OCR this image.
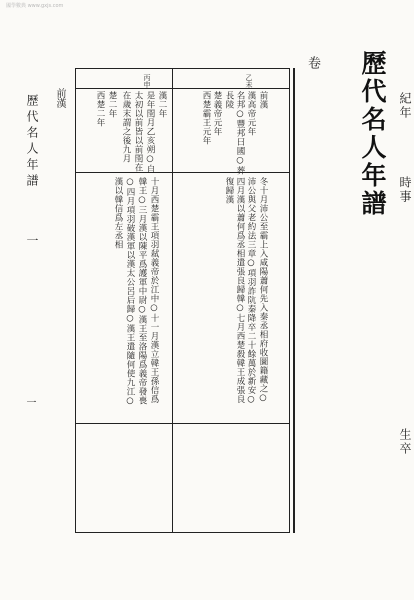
國學數典 www.gxjs.com
歷代名人年譜
卷
歷代名人年譜
一
前漢
一
紀年
時事
生卒
乙未
前漢
漢高帝元年
名邦○豐邦曰國○葬
長陵
楚義帝元年
西楚霸王元年
冬十月沛公至霸上入咸陽蕭何先入秦丞相府收圖籍藏之○
沛公與父老約法三章○項羽詐阬秦降卒二十餘萬於新安○
四月漢以蕭何爲丞相遣張良歸韓○七月西楚殺韓王成張良
復歸漢
丙申
漢二年
是年閏月乙亥朔○自
太初以前皆以前閏在
在歲末謂之後九月
楚二年
西楚二年
十月西楚霸王項羽弒義帝於江中○十一月漢立韓王孫信爲
韓王○三月漢以陳平爲護軍中尉○漢王至洛陽爲義帝發喪
○四月項羽破漢軍以漢太公呂后歸○漢王遣隨何使九江○
漢以韓信爲左丞相
